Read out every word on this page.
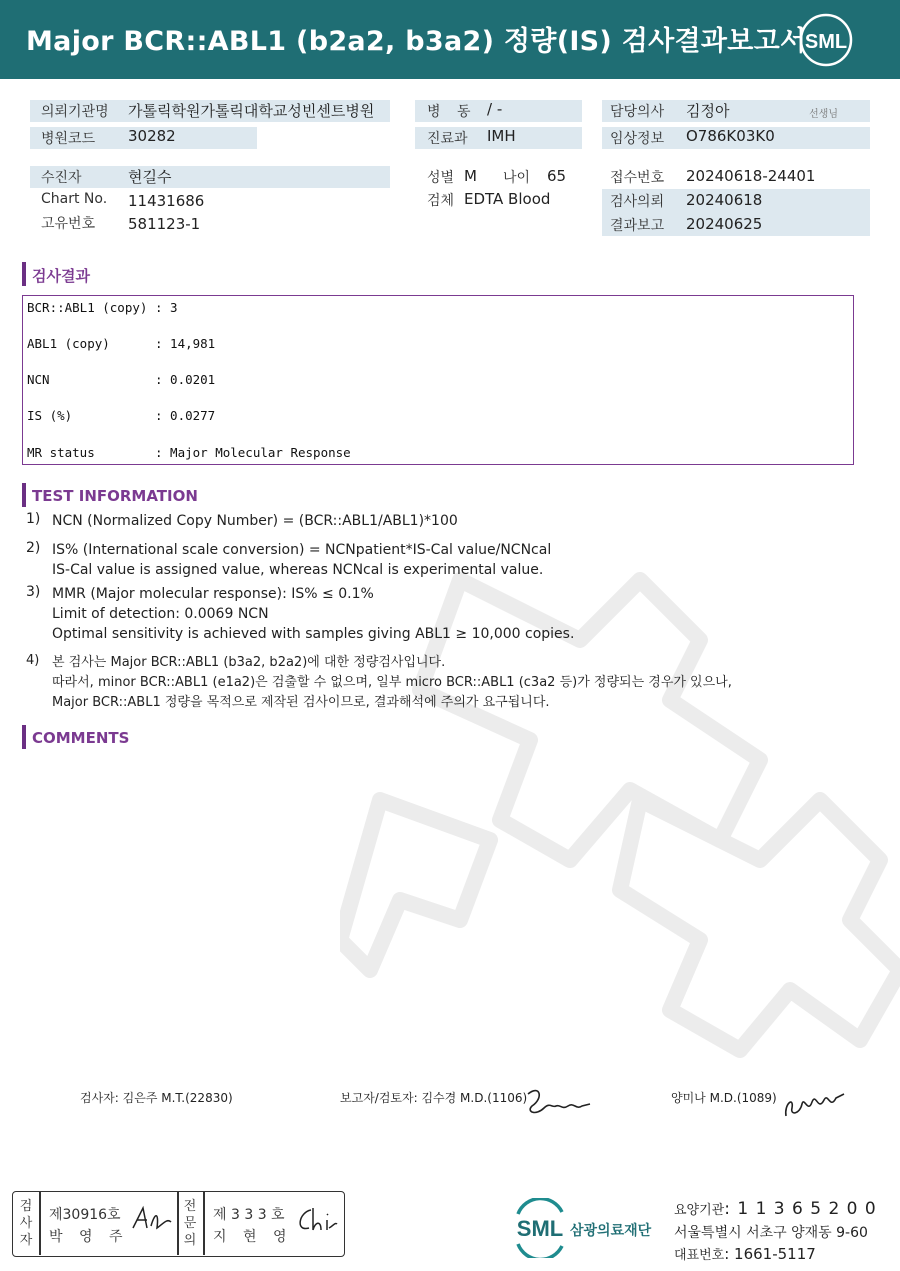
Major BCR::ABL1 (b2a2, b3a2) 정량(IS) 검사결과보고서
SML
의뢰기관명 가톨릭학원가톨릭대학교성빈센트병원
병원코드 30282
병 동 / -
진료과 IMH
담당의사 김정아	선생님
임상정보 O786K03K0
수진자	현길수
Chart No. 11431686
고유번호 581123-1
성별 M 나이 65
검체 EDTA Blood
접수번호 20240618-24401
검사의뢰 20240618
결과보고 20240625
검사결과
BCR::ABL1 (copy) : 3
ABL1 (copy)	: 14,981
NCN	: 0.0201
IS (%)	: 0.0277
MR status	: Major Molecular Response
TEST INFORMATION
1) NCN (Normalized Copy Number) = (BCR::ABL1/ABL1)*100
2) IS% (International scale conversion) = NCNpatient*IS-Cal value/NCNcal
IS-Cal value is assigned value, whereas NCNcal is experimental value.
3) MMR (Major molecular response): IS% ≤ 0.1%
Limit of detection: 0.0069 NCN
Optimal sensitivity is achieved with samples giving ABL1 ≥ 10,000 copies.
4) 본 검사는 Major BCR::ABL1 (b3a2, b2a2)에 대한 정량검사입니다.
따라서, minor BCR::ABL1 (e1a2)은 검출할 수 없으며, 일부 micro BCR::ABL1 (c3a2 등)가 정량되는 경우가 있으나,
Major BCR::ABL1 정량을 목적으로 제작된 검사이므로, 결과해석에 주의가 요구됩니다.
COMMENTS
검사자: 김은주 M.T.(22830)	보고자/검토자: 김수경 M.D.(1106)	양미나 M.D.(1089)
검
사
자
제30916호
박 영 주
전
문
의
제 3 3 3 호
지 현 영	SML 삼광의료재단
요양기관: 1 1 3 6 5 2 0 0
서울특별시 서초구 양재동 9-60
대표번호: 1661-5117
